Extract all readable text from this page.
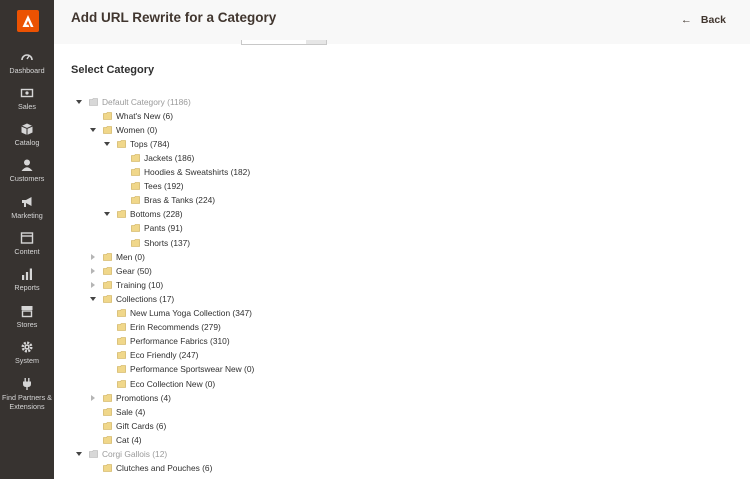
Dashboard
Sales
Catalog
Customers
Marketing
Content
Reports
Stores
System
Find Partners & Extensions
Add URL Rewrite for a Category	← Back
Select Category
Default Category (1186)
What's New (6)
Women (0)
Tops (784)
Jackets (186)
Hoodies & Sweatshirts (182)
Tees (192)
Bras & Tanks (224)
Bottoms (228)
Pants (91)
Shorts (137)
Men (0)
Gear (50)
Training (10)
Collections (17)
New Luma Yoga Collection (347)
Erin Recommends (279)
Performance Fabrics (310)
Eco Friendly (247)
Performance Sportswear New (0)
Eco Collection New (0)
Promotions (4)
Sale (4)
Gift Cards (6)
Cat (4)
Corgi Gallois (12)
Clutches and Pouches (6)
